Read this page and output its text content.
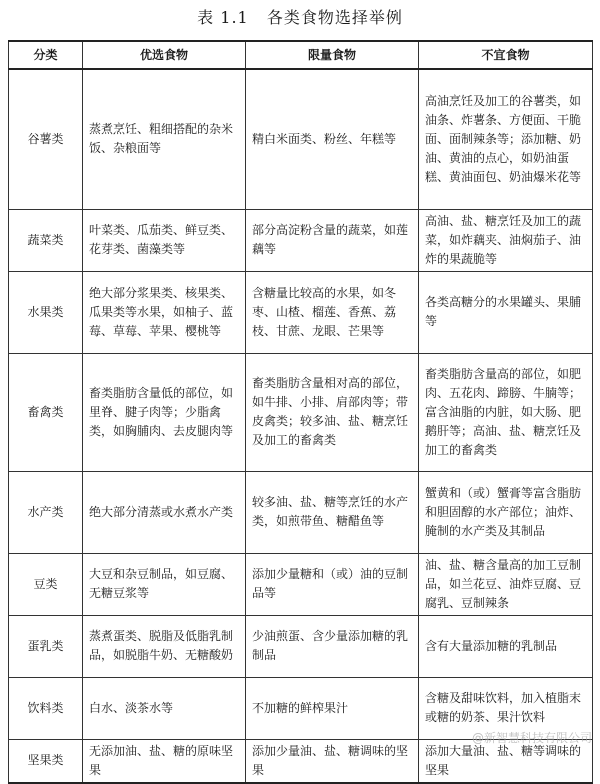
表 1.1 各类食物选择举例
分类	优选食物	限量食物	不宜食物
谷薯类	蒸煮烹饪、粗细搭配的杂米饭、杂粮面等	精白米面类、粉丝、年糕等	高油烹饪及加工的谷薯类，如油条、炸薯条、方便面、干脆面、面制辣条等；添加糖、奶油、黄油的点心，如奶油蛋糕、黄油面包、奶油爆米花等
蔬菜类	叶菜类、瓜茄类、鲜豆类、花芽类、菌藻类等	部分高淀粉含量的蔬菜，如莲藕等	高油、盐、糖烹饪及加工的蔬菜，如炸藕夹、油焖茄子、油炸的果蔬脆等
水果类	绝大部分浆果类、核果类、瓜果类等水果，如柚子、蓝莓、草莓、苹果、樱桃等	含糖量比较高的水果，如冬枣、山楂、榴莲、香蕉、荔枝、甘蔗、龙眼、芒果等	各类高糖分的水果罐头、果脯等
畜禽类	畜类脂肪含量低的部位，如里脊、腱子肉等；少脂禽类，如胸脯肉、去皮腿肉等	畜类脂肪含量相对高的部位，如牛排、小排、肩部肉等；带皮禽类；较多油、盐、糖烹饪及加工的畜禽类	畜类脂肪含量高的部位，如肥肉、五花肉、蹄膀、牛腩等；富含油脂的内脏，如大肠、肥鹅肝等；高油、盐、糖烹饪及加工的畜禽类
水产类	绝大部分清蒸或水煮水产类	较多油、盐、糖等烹饪的水产类，如煎带鱼、糖醋鱼等	蟹黄和（或）蟹膏等富含脂肪和胆固醇的水产部位；油炸、腌制的水产类及其制品
豆类	大豆和杂豆制品，如豆腐、无糖豆浆等	添加少量糖和（或）油的豆制品等	油、盐、糖含量高的加工豆制品，如兰花豆、油炸豆腐、豆腐乳、豆制辣条
蛋乳类	蒸煮蛋类、脱脂及低脂乳制品，如脱脂牛奶、无糖酸奶	少油煎蛋、含少量添加糖的乳制品	含有大量添加糖的乳制品
饮料类	白水、淡茶水等	不加糖的鲜榨果汁	含糖及甜味饮料，加入植脂末或糖的奶茶、果汁饮料
坚果类	无添加油、盐、糖的原味坚果	添加少量油、盐、糖调味的坚果	添加大量油、盐、糖等调味的坚果
@新智慧科技有限公司
